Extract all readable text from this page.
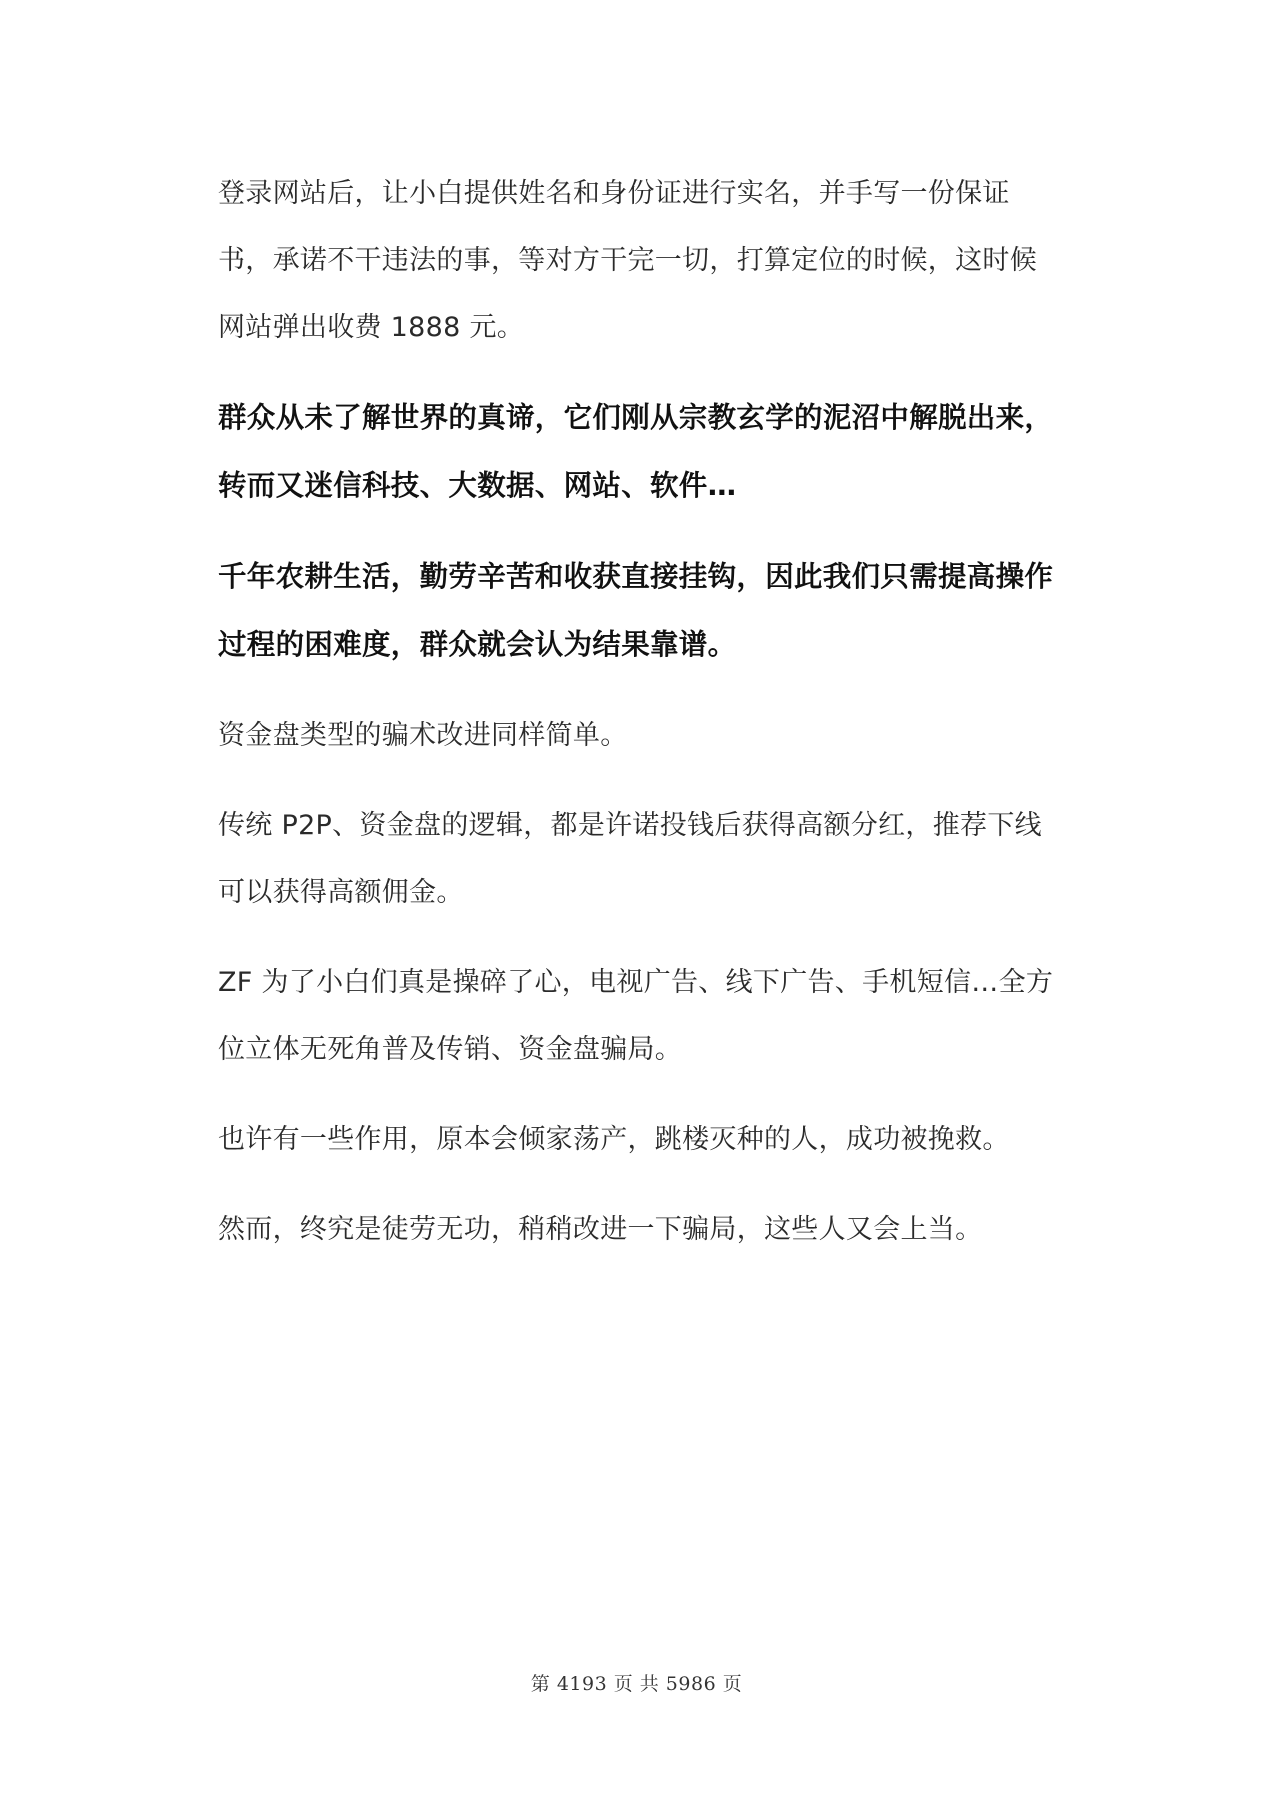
登录网站后，让小白提供姓名和身份证进行实名，并手写一份保证书，承诺不干违法的事，等对方干完一切，打算定位的时候，这时候网站弹出收费 1888 元。

群众从未了解世界的真谛，它们刚从宗教玄学的泥沼中解脱出来，转而又迷信科技、大数据、网站、软件…

千年农耕生活，勤劳辛苦和收获直接挂钩，因此我们只需提高操作过程的困难度，群众就会认为结果靠谱。

资金盘类型的骗术改进同样简单。

传统 P2P、资金盘的逻辑，都是许诺投钱后获得高额分红，推荐下线可以获得高额佣金。

ZF 为了小白们真是操碎了心，电视广告、线下广告、手机短信…全方位立体无死角普及传销、资金盘骗局。

也许有一些作用，原本会倾家荡产，跳楼灭种的人，成功被挽救。

然而，终究是徒劳无功，稍稍改进一下骗局，这些人又会上当。

第 4193 页 共 5986 页
